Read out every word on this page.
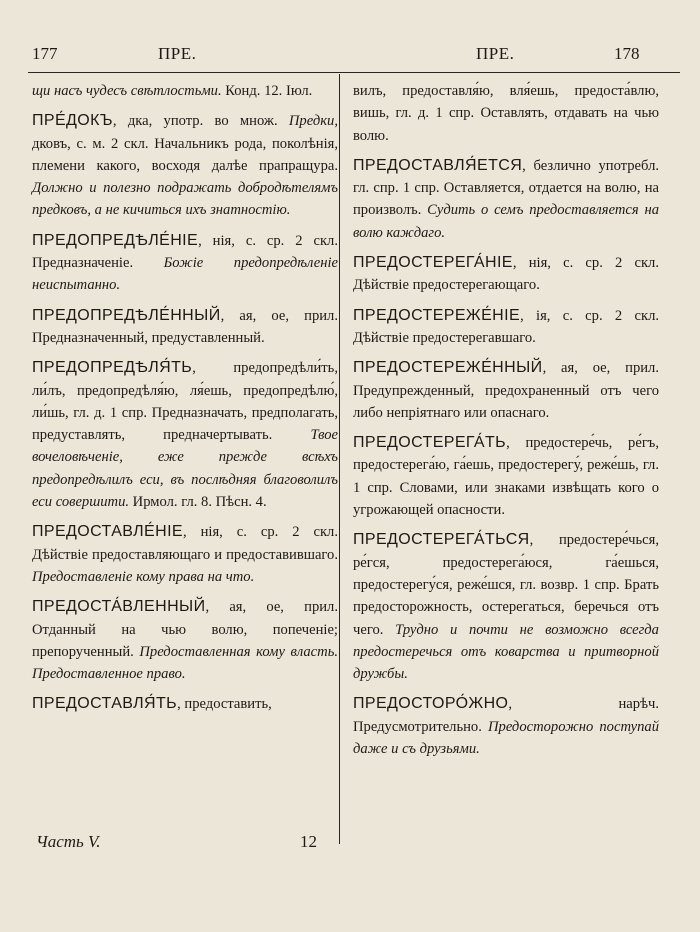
177	ПРЕ.	ПРЕ.	178

щи насъ чудесъ свѣтлостьми. Конд. 12. Іюл.

ПРЕ́ДОКЪ, дка, употр. во множ. Предки, дковъ, с. м. 2 скл. Начальникъ рода, поколѣнія, племени какого, восходя далѣе прапращура. Должно и полезно подражать добродѣтелямъ предковъ, а не кичиться ихъ знатностію.

ПРЕДОПРЕДѢЛЕ́НІЕ, нія, с. ср. 2 скл. Предназначеніе. Божіе предопредѣленіе неиспытанно.

ПРЕДОПРЕДѢЛЕ́ННЫЙ, ая, ое, прил. Предназначенный, предуставленный.

ПРЕДОПРЕДѢЛЯ́ТЬ, предопредѣли́ть, ли́лъ, предопредѣля́ю, ля́ешь, предопредѣлю́, ли́шь, гл. д. 1 спр. Предназначать, предполагать, предуставлять, предначертывать. Твое вочеловѣченіе, еже прежде всѣхъ предопредѣлилъ еси, въ послѣдняя благоволилъ еси совершити. Ирмол. гл. 8. Пѣсн. 4.

ПРЕДОСТАВЛЕ́НІЕ, нія, с. ср. 2 скл. Дѣйствіе предоставляющаго и предоставившаго. Предоставленіе кому права на что.

ПРЕДОСТА́ВЛЕННЫЙ, ая, ое, прил. Отданный на чью волю, попеченіе; препорученный. Предоставленная кому власть. Предоставленное право.

ПРЕДОСТАВЛЯ́ТЬ, предоставить,

вилъ, предоставля́ю, вля́ешь, предоста́влю, вишь, гл. д. 1 спр. Оставлять, отдавать на чью волю.

ПРЕДОСТАВЛЯ́ЕТСЯ, безлично употребл. гл. спр. 1 спр. Оставляется, отдается на волю, на произволъ. Судить о семъ предоставляется на волю каждаго.

ПРЕДОСТЕРЕГА́НІЕ, нія, с. ср. 2 скл. Дѣйствіе предостерегающаго.

ПРЕДОСТЕРЕЖЕ́НІЕ, ія, с. ср. 2 скл. Дѣйствіе предостерегавшаго.

ПРЕДОСТЕРЕЖЕ́ННЫЙ, ая, ое, прил. Предупрежденный, предохраненный отъ чего либо непріятнаго или опаснаго.

ПРЕДОСТЕРЕГА́ТЬ, предостере́чь, ре́гъ, предостерега́ю, га́ешь, предостерегу́, реже́шь, гл. 1 спр. Словами, или знаками извѣщать кого о угрожающей опасности.

ПРЕДОСТЕРЕГА́ТЬСЯ, предостере́чься, ре́гся, предостерега́юся, га́ешься, предостерегу́ся, реже́шся, гл. возвр. 1 спр. Брать предосторожность, остерегаться, беречься отъ чего. Трудно и почти не возможно всегда предостеречься отъ коварства и притворной дружбы.

ПРЕДОСТОРО́ЖНО, нарѣч. Предусмотрительно. Предосторожно поступай даже и съ друзьями.

Часть V.	12
